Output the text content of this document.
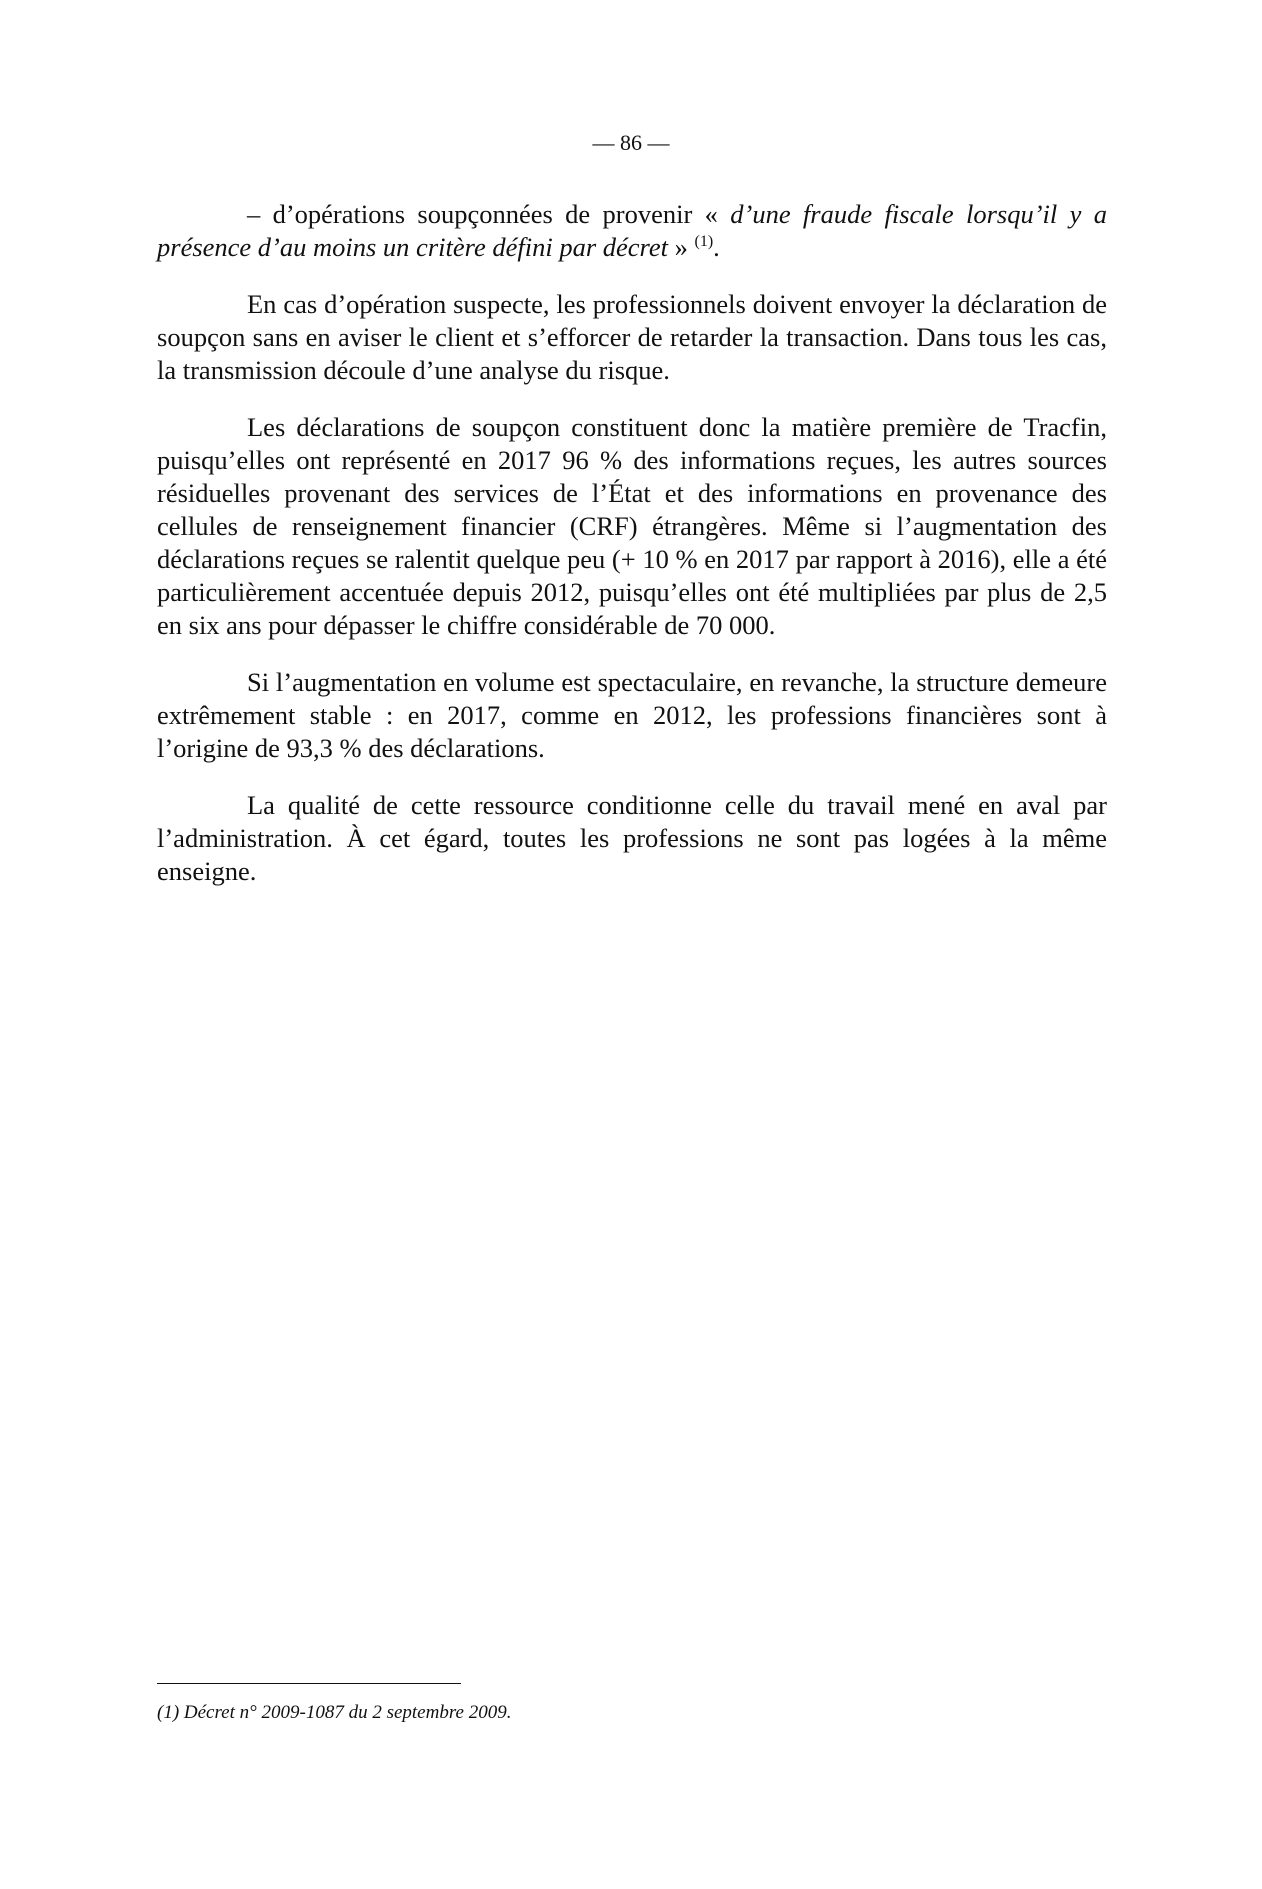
— 86 —

– d’opérations soupçonnées de provenir « d’une fraude fiscale lorsqu’il y a présence d’au moins un critère défini par décret » $^{(1)}$.

En cas d’opération suspecte, les professionnels doivent envoyer la déclaration de soupçon sans en aviser le client et s’efforcer de retarder la transaction. Dans tous les cas, la transmission découle d’une analyse du risque.

Les déclarations de soupçon constituent donc la matière première de Tracfin, puisqu’elles ont représenté en 2017 96 % des informations reçues, les autres sources résiduelles provenant des services de l’État et des informations en provenance des cellules de renseignement financier (CRF) étrangères. Même si l’augmentation des déclarations reçues se ralentit quelque peu (+ 10 % en 2017 par rapport à 2016), elle a été particulièrement accentuée depuis 2012, puisqu’elles ont été multipliées par plus de 2,5 en six ans pour dépasser le chiffre considérable de 70 000.

Si l’augmentation en volume est spectaculaire, en revanche, la structure demeure extrêmement stable : en 2017, comme en 2012, les professions financières sont à l’origine de 93,3 % des déclarations.

La qualité de cette ressource conditionne celle du travail mené en aval par l’administration. À cet égard, toutes les professions ne sont pas logées à la même enseigne.

(1) Décret n° 2009-1087 du 2 septembre 2009.
